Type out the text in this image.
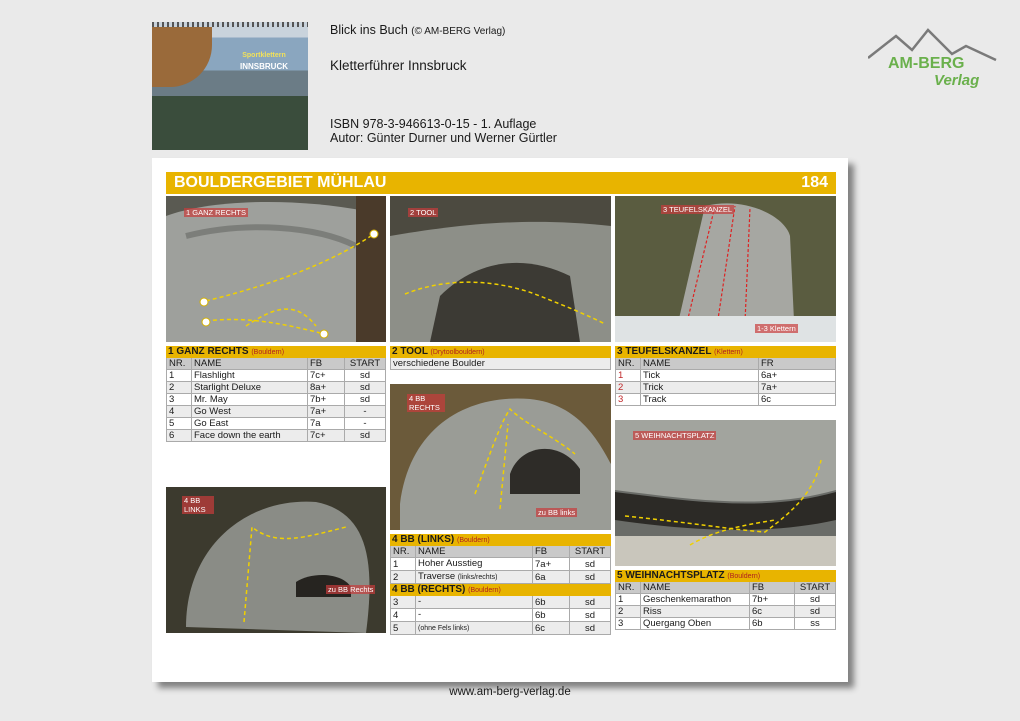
Sportklettern
INNSBRUCK
Blick ins Buch (© AM-BERG Verlag)
Kletterführer Innsbruck
ISBN 978-3-946613-0-15 - 1. Auflage
Autor: Günter Durner und Werner Gürtler
AM-BERG
Verlag
BOULDERGEBIET MÜHLAU	184
1 GANZ RECHTS	2 TOOL	3 TEUFELSKANZEL
1-3 Klettern
1 GANZ RECHTS (Bouldern)
NR.	NAME	FB	START
1	Flashlight	7c+	sd
2	Starlight Deluxe	8a+	sd
3	Mr. May	7b+	sd
4	Go West	7a+	-
5	Go East	7a	-
6	Face down the earth	7c+	sd
2 TOOL (Drytoolbouldern)
verschiedene Boulder
3 TEUFELSKANZEL (Klettern)
NR.	NAME	FR
1	Tick	6a+
2	Trick	7a+
3	Track	6c
4 BB RECHTS
zu BB links
4 BB LINKS
zu BB Rechts
5 WEIHNACHTSPLATZ
4 BB (LINKS) (Bouldern)
NR.	NAME	FB	START
1	Hoher Ausstieg	7a+	sd
2	Traverse (links/rechts)	6a	sd
4 BB (RECHTS) (Bouldern)
3	-	6b	sd
4	-	6b	sd
5	(ohne Fels links)	6c	sd
5 WEIHNACHTSPLATZ (Bouldern)
NR.	NAME	FB	START
1	Geschenkemarathon	7b+	sd
2	Riss	6c	sd
3	Quergang Oben	6b	ss
www.am-berg-verlag.de
